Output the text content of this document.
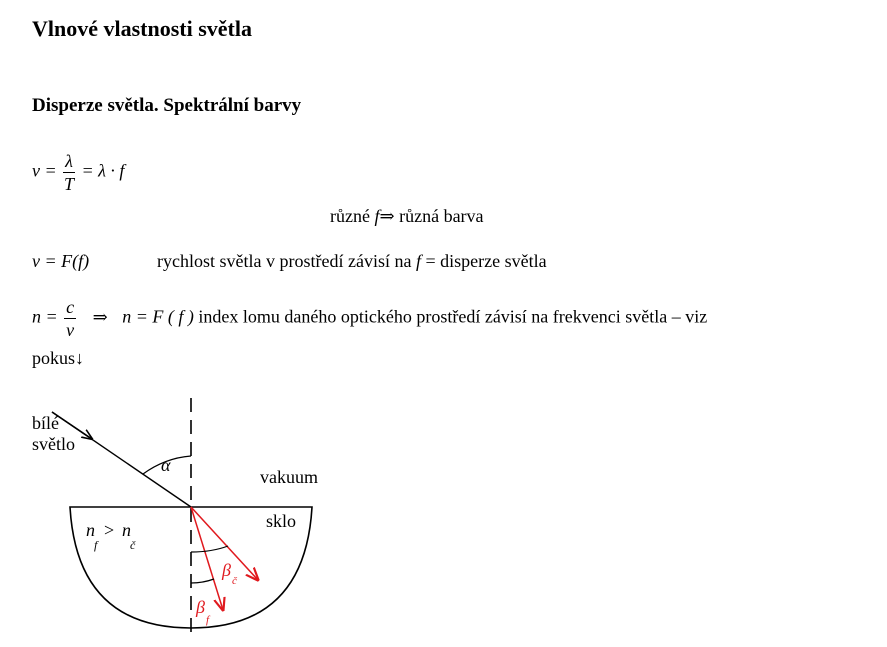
Vlnové vlastnosti světla
Disperze světla. Spektrální barvy
$v = \frac{\lambda}{T} = \lambda \cdot f$
různé f⇒ různá barva
v = F(f)	rychlost světla v prostředí závisí na f = disperze světla
$n = \frac{c}{v}$ ⇒ n = F ( f ) index lomu daného optického prostředí závisí na frekvenci světla – viz
pokus↓
bílé
světlo
α
vakuum
sklo
n
f
> n
č
β
č
β
f
